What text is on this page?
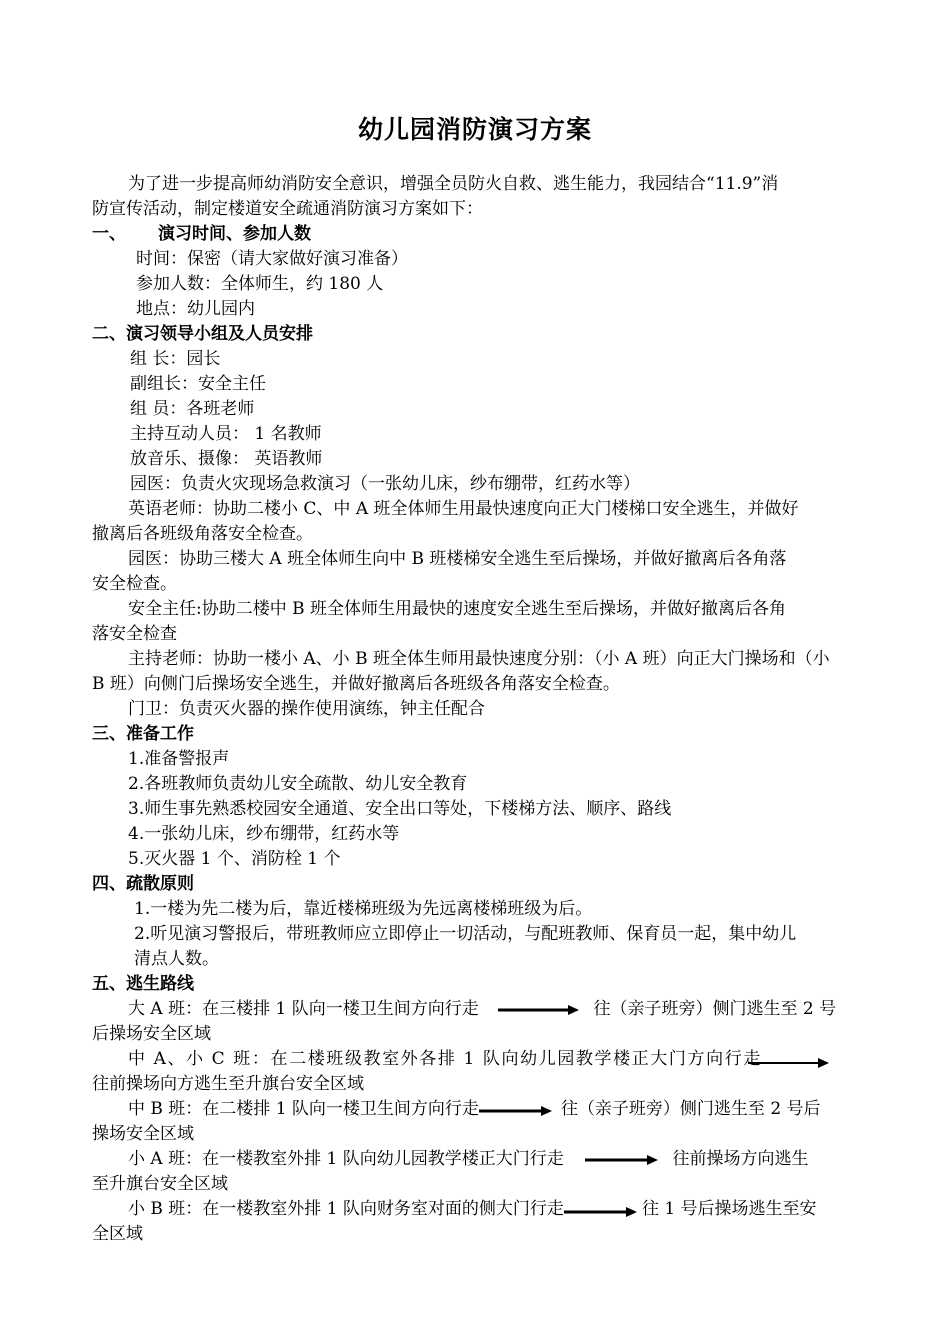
幼儿园消防演习方案
为了进一步提高师幼消防安全意识，增强全员防火自救、逃生能力，我园结合“11.9”消
防宣传活动，制定楼道安全疏通消防演习方案如下：
一、 演习时间、参加人数
时间：保密（请大家做好演习准备）
参加人数：全体师生，约 180 人
地点：幼儿园内
二、演习领导小组及人员安排
组 长：园长
副组长：安全主任
组 员：各班老师
主持互动人员： 1 名教师
放音乐、摄像： 英语教师
园医：负责火灾现场急救演习（一张幼儿床，纱布绷带，红药水等）
英语老师：协助二楼小 C、中 A 班全体师生用最快速度向正大门楼梯口安全逃生，并做好
撤离后各班级角落安全检查。
园医：协助三楼大 A 班全体师生向中 B 班楼梯安全逃生至后操场，并做好撤离后各角落
安全检查。
安全主任:协助二楼中 B 班全体师生用最快的速度安全逃生至后操场，并做好撤离后各角
落安全检查
主持老师：协助一楼小 A、小 B 班全体生师用最快速度分别：（小 A 班）向正大门操场和（小
B 班）向侧门后操场安全逃生，并做好撤离后各班级各角落安全检查。
门卫：负责灭火器的操作使用演练，钟主任配合
三、准备工作
1.准备警报声
2.各班教师负责幼儿安全疏散、幼儿安全教育
3.师生事先熟悉校园安全通道、安全出口等处，下楼梯方法、顺序、路线
4.一张幼儿床，纱布绷带，红药水等
5.灭火器 1 个、消防栓 1 个
四、疏散原则
1.一楼为先二楼为后，靠近楼梯班级为先远离楼梯班级为后。
2.听见演习警报后，带班教师应立即停止一切活动，与配班教师、保育员一起，集中幼儿
清点人数。
五、逃生路线
大 A 班：在三楼排 1 队向一楼卫生间方向行走	往（亲子班旁）侧门逃生至 2 号
后操场安全区域
中 A、小 C 班：在二楼班级教室外各排 1 队向幼儿园教学楼正大门方向行走
往前操场向方逃生至升旗台安全区域
中 B 班：在二楼排 1 队向一楼卫生间方向行走	往（亲子班旁）侧门逃生至 2 号后
操场安全区域
小 A 班：在一楼教室外排 1 队向幼儿园教学楼正大门行走	往前操场方向逃生
至升旗台安全区域
小 B 班：在一楼教室外排 1 队向财务室对面的侧大门行走	往 1 号后操场逃生至安
全区域
